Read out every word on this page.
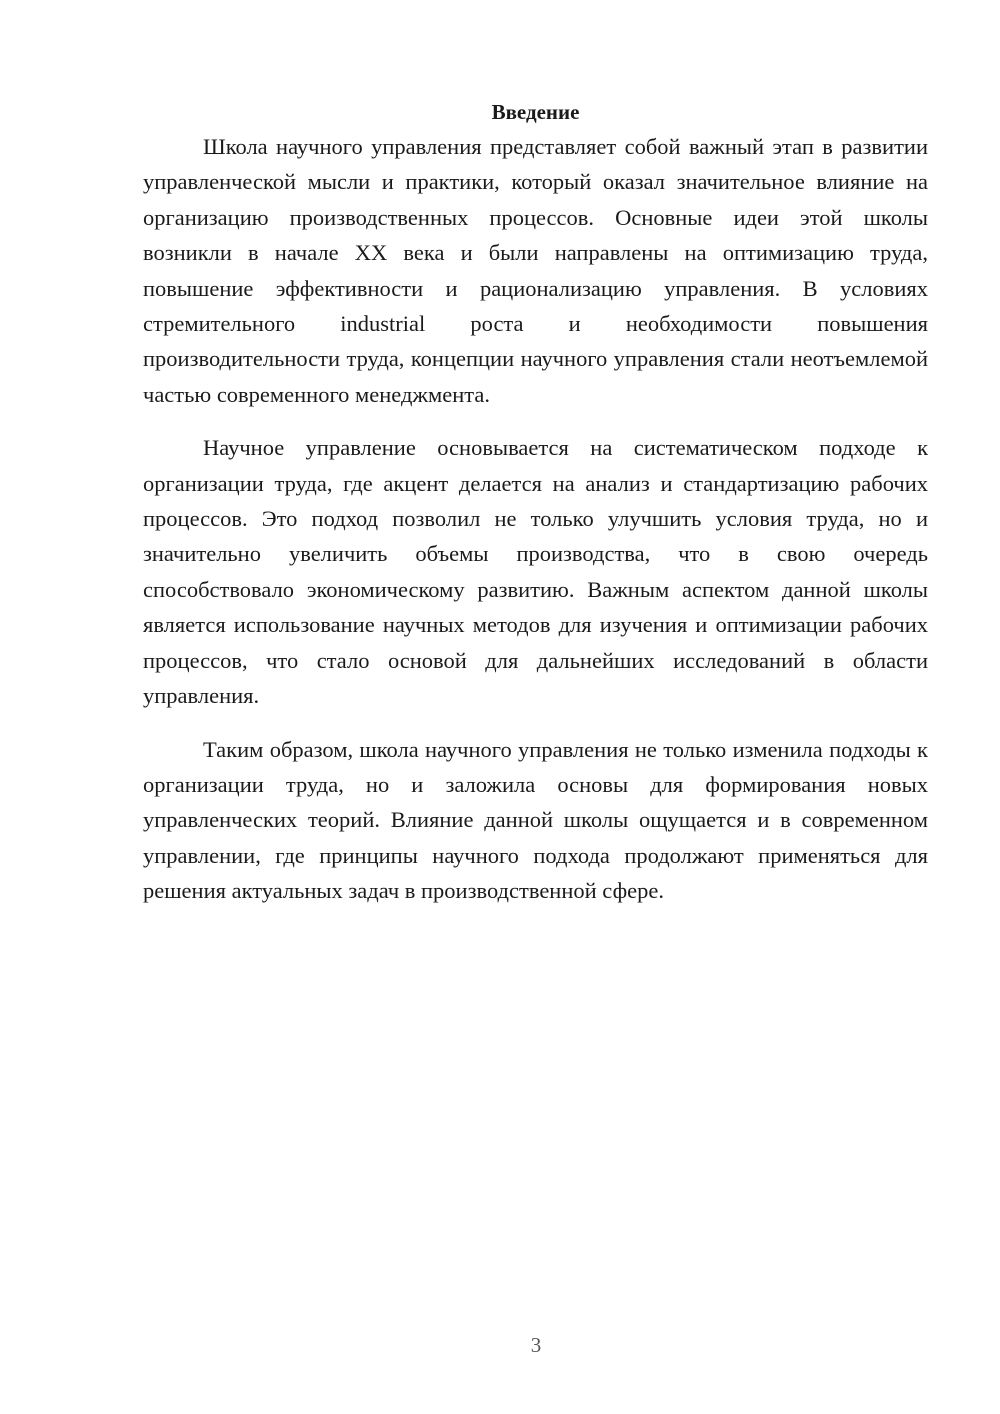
Введение

Школа научного управления представляет собой важный этап в развитии управленческой мысли и практики, который оказал значительное влияние на организацию производственных процессов. Основные идеи этой школы возникли в начале XX века и были направлены на оптимизацию труда, повышение эффективности и рационализацию управления. В условиях стремительного industrial роста и необходимости повышения производительности труда, концепции научного управления стали неотъемлемой частью современного менеджмента.

Научное управление основывается на систематическом подходе к организации труда, где акцент делается на анализ и стандартизацию рабочих процессов. Это подход позволил не только улучшить условия труда, но и значительно увеличить объемы производства, что в свою очередь способствовало экономическому развитию. Важным аспектом данной школы является использование научных методов для изучения и оптимизации рабочих процессов, что стало основой для дальнейших исследований в области управления.

Таким образом, школа научного управления не только изменила подходы к организации труда, но и заложила основы для формирования новых управленческих теорий. Влияние данной школы ощущается и в современном управлении, где принципы научного подхода продолжают применяться для решения актуальных задач в производственной сфере.

3
